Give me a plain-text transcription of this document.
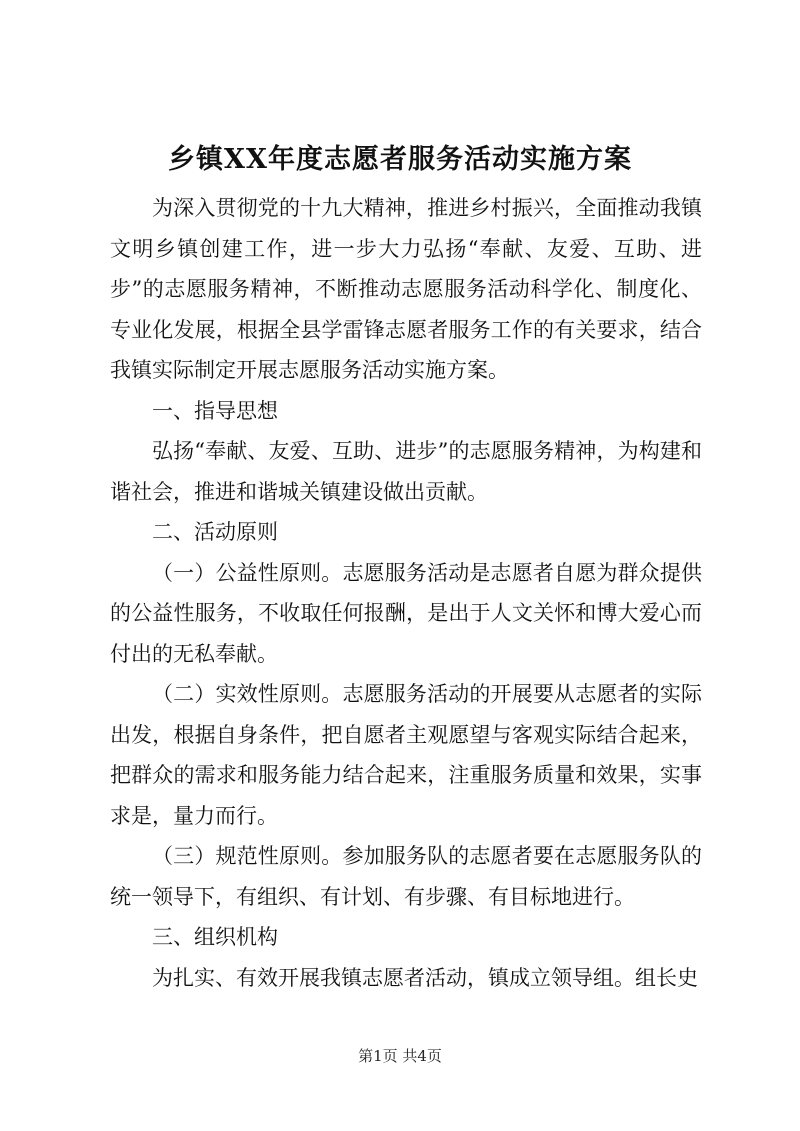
乡镇XX年度志愿者服务活动实施方案

为深入贯彻党的十九大精神，推进乡村振兴，全面推动我镇文明乡镇创建工作，进一步大力弘扬“奉献、友爱、互助、进步”的志愿服务精神，不断推动志愿服务活动科学化、制度化、专业化发展，根据全县学雷锋志愿者服务工作的有关要求，结合我镇实际制定开展志愿服务活动实施方案。

一、指导思想

弘扬“奉献、友爱、互助、进步”的志愿服务精神，为构建和谐社会，推进和谐城关镇建设做出贡献。

二、活动原则

（一）公益性原则。志愿服务活动是志愿者自愿为群众提供的公益性服务，不收取任何报酬，是出于人文关怀和博大爱心而付出的无私奉献。

（二）实效性原则。志愿服务活动的开展要从志愿者的实际出发，根据自身条件，把自愿者主观愿望与客观实际结合起来，把群众的需求和服务能力结合起来，注重服务质量和效果，实事求是，量力而行。

（三）规范性原则。参加服务队的志愿者要在志愿服务队的统一领导下，有组织、有计划、有步骤、有目标地进行。

三、组织机构

为扎实、有效开展我镇志愿者活动，镇成立领导组。组长史

第1页 共4页
